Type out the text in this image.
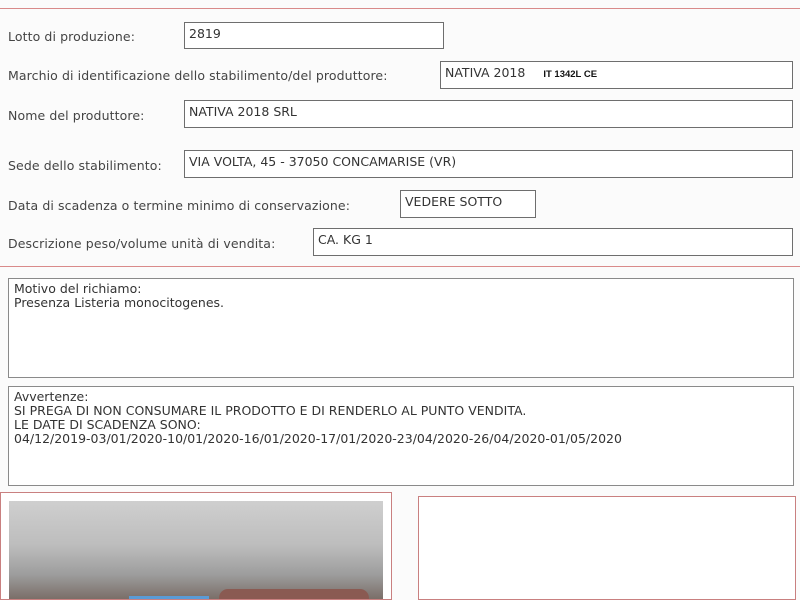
Lotto di produzione:	2819
Marchio di identificazione dello stabilimento/del produttore:	NATIVA 2018 IT 1342L CE
Nome del produttore:	NATIVA 2018 SRL
Sede dello stabilimento:	VIA VOLTA, 45 - 37050 CONCAMARISE (VR)
Data di scadenza o termine minimo di conservazione:	VEDERE SOTTO
Descrizione peso/volume unità di vendita:	CA. KG 1
Motivo del richiamo:
Presenza Listeria monocitogenes.
Avvertenze:
SI PREGA DI NON CONSUMARE IL PRODOTTO E DI RENDERLO AL PUNTO VENDITA.
LE DATE DI SCADENZA SONO:
04/12/2019-03/01/2020-10/01/2020-16/01/2020-17/01/2020-23/04/2020-26/04/2020-01/05/2020
